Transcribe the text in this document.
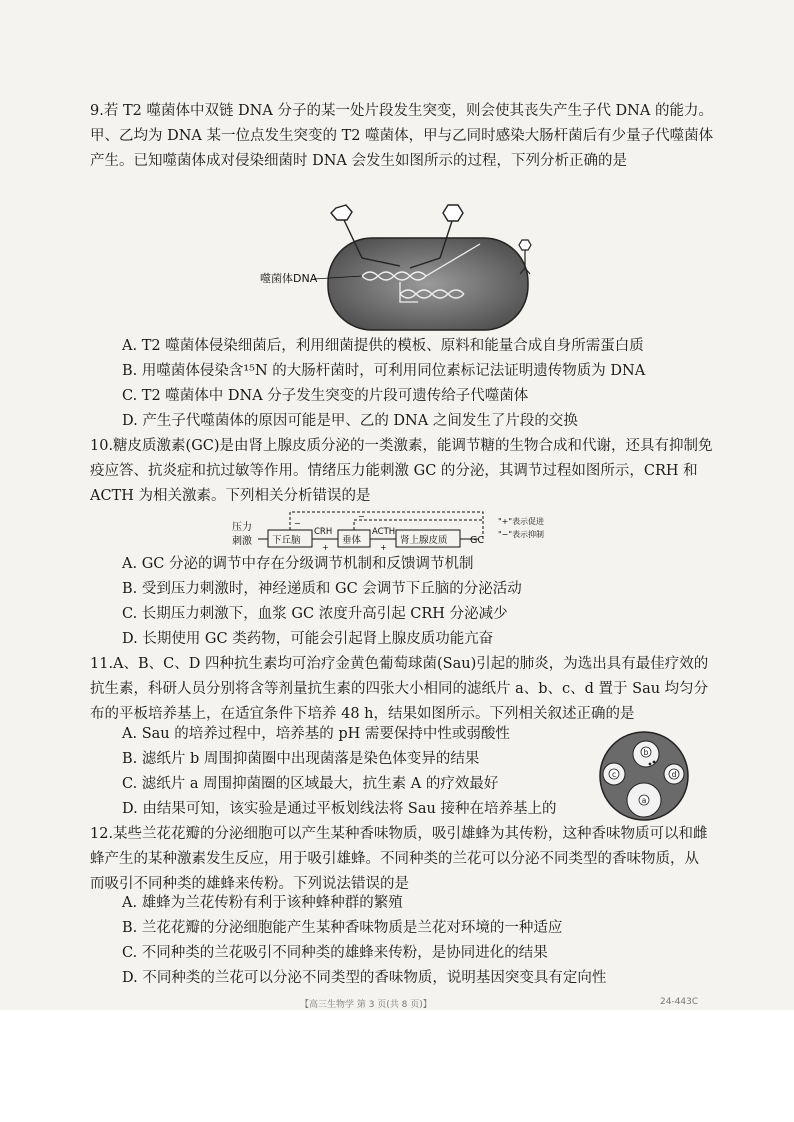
9.若 T2 噬菌体中双链 DNA 分子的某一处片段发生突变，则会使其丧失产生子代 DNA 的能力。甲、乙均为 DNA 某一位点发生突变的 T2 噬菌体，甲与乙同时感染大肠杆菌后有少量子代噬菌体产生。已知噬菌体成对侵染细菌时 DNA 会发生如图所示的过程，下列分析正确的是

噬菌体DNA
A. T2 噬菌体侵染细菌后，利用细菌提供的模板、原料和能量合成自身所需蛋白质
B. 用噬菌体侵染含¹⁵N 的大肠杆菌时，可利用同位素标记法证明遗传物质为 DNA
C. T2 噬菌体中 DNA 分子发生突变的片段可遗传给子代噬菌体
D. 产生子代噬菌体的原因可能是甲、乙的 DNA 之间发生了片段的交换

10.糖皮质激素(GC)是由肾上腺皮质分泌的一类激素，能调节糖的生物合成和代谢，还具有抑制免疫应答、抗炎症和抗过敏等作用。情绪压力能刺激 GC 的分泌，其调节过程如图所示，CRH 和 ACTH 为相关激素。下列相关分析错误的是

压力
刺激 下丘脑	垂体	肾上腺皮质
CRH	ACTH
GC
+	+
−
−
"+"表示促进
"−"表示抑制
A. GC 分泌的调节中存在分级调节机制和反馈调节机制
B. 受到压力刺激时，神经递质和 GC 会调节下丘脑的分泌活动
C. 长期压力刺激下，血浆 GC 浓度升高引起 CRH 分泌减少
D. 长期使用 GC 类药物，可能会引起肾上腺皮质功能亢奋

11.A、B、C、D 四种抗生素均可治疗金黄色葡萄球菌(Sau)引起的肺炎，为选出具有最佳疗效的抗生素，科研人员分别将含等剂量抗生素的四张大小相同的滤纸片 a、b、c、d 置于 Sau 均匀分布的平板培养基上，在适宜条件下培养 48 h，结果如图所示。下列相关叙述正确的是

A. Sau 的培养过程中，培养基的 pH 需要保持中性或弱酸性
B. 滤纸片 b 周围抑菌圈中出现菌落是染色体变异的结果
C. 滤纸片 a 周围抑菌圈的区域最大，抗生素 A 的疗效最好
D. 由结果可知，该实验是通过平板划线法将 Sau 接种在培养基上的
b
c	d
a

12.某些兰花花瓣的分泌细胞可以产生某种香味物质，吸引雄蜂为其传粉，这种香味物质可以和雌蜂产生的某种激素发生反应，用于吸引雄蜂。不同种类的兰花可以分泌不同类型的香味物质，从而吸引不同种类的雄蜂来传粉。下列说法错误的是

A. 雄蜂为兰花传粉有利于该种蜂种群的繁殖
B. 兰花花瓣的分泌细胞能产生某种香味物质是兰花对环境的一种适应
C. 不同种类的兰花吸引不同种类的雄蜂来传粉，是协同进化的结果
D. 不同种类的兰花可以分泌不同类型的香味物质，说明基因突变具有定向性
【高三生物学 第 3 页(共 8 页)】	24-443C
